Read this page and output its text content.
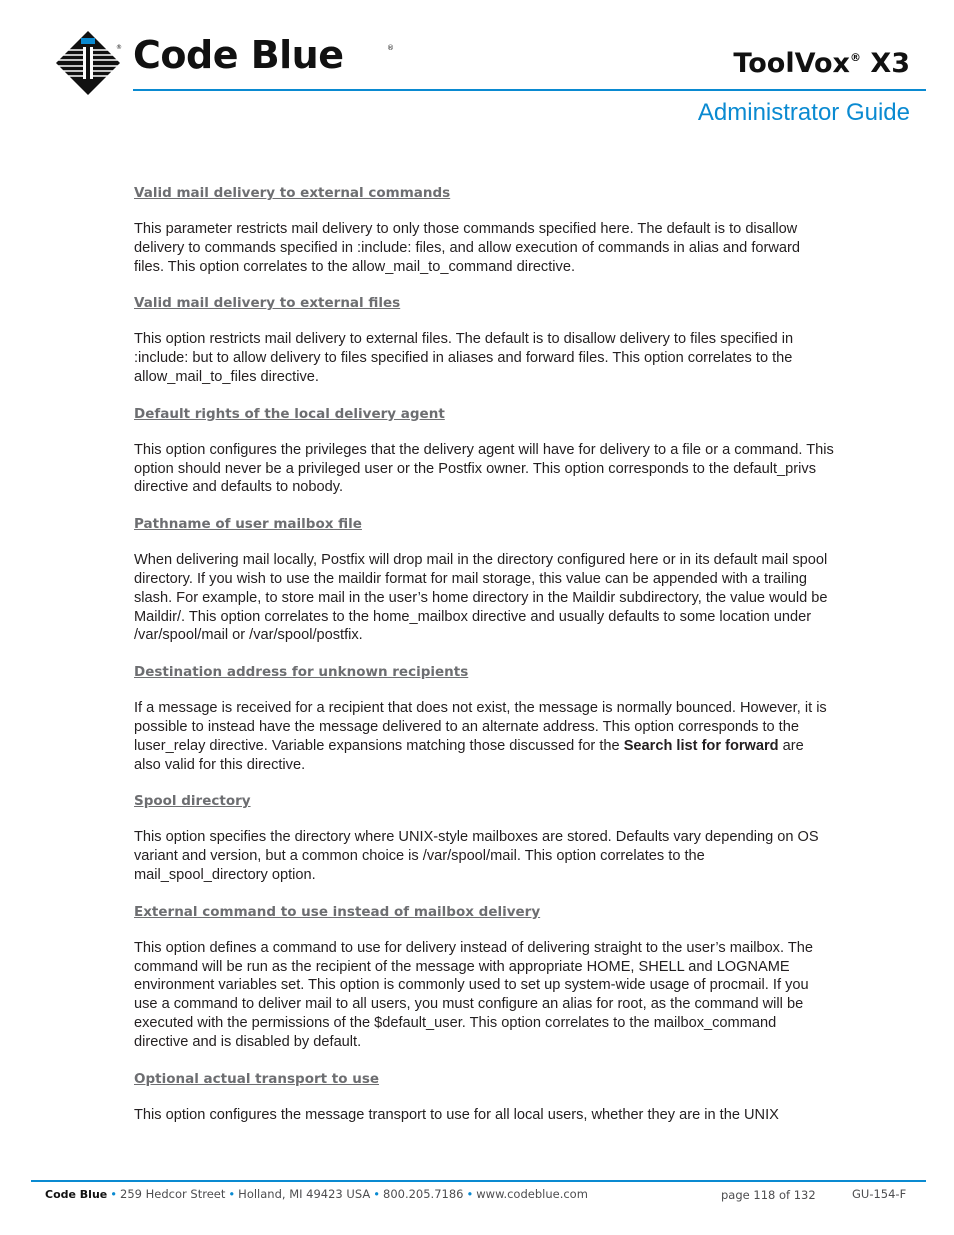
® Code Blue	®	ToolVox® X3
Administrator Guide
Valid mail delivery to external commands

This parameter restricts mail delivery to only those commands specified here. The default is to disallow delivery to commands specified in :include: files, and allow execution of commands in alias and forward files. This option correlates to the allow_mail_to_command directive.

Valid mail delivery to external files

This option restricts mail delivery to external files. The default is to disallow delivery to files specified in :include: but to allow delivery to files specified in aliases and forward files. This option correlates to the allow_mail_to_files directive.

Default rights of the local delivery agent

This option configures the privileges that the delivery agent will have for delivery to a file or a command. This option should never be a privileged user or the Postfix owner. This option corresponds to the default_privs directive and defaults to nobody.

Pathname of user mailbox file

When delivering mail locally, Postfix will drop mail in the directory configured here or in its default mail spool directory. If you wish to use the maildir format for mail storage, this value can be appended with a trailing slash. For example, to store mail in the user’s home directory in the Maildir subdirectory, the value would be Maildir/. This option correlates to the home_mailbox directive and usually defaults to some location under /var/spool/mail or /var/spool/postfix.

Destination address for unknown recipients

If a message is received for a recipient that does not exist, the message is normally bounced. However, it is possible to instead have the message delivered to an alternate address. This option corresponds to the luser_relay directive. Variable expansions matching those discussed for the Search list for forward are also valid for this directive.

Spool directory

This option specifies the directory where UNIX-style mailboxes are stored. Defaults vary depending on OS variant and version, but a common choice is /var/spool/mail. This option correlates to the mail_spool_directory option.

External command to use instead of mailbox delivery

This option defines a command to use for delivery instead of delivering straight to the user’s mailbox. The command will be run as the recipient of the message with appropriate HOME, SHELL and LOGNAME environment variables set. This option is commonly used to set up system-wide usage of procmail. If you use a command to deliver mail to all users, you must configure an alias for root, as the command will be executed with the permissions of the $default_user. This option correlates to the mailbox_command directive and is disabled by default.

Optional actual transport to use

This option configures the message transport to use for all local users, whether they are in the UNIX

Code Blue • 259 Hedcor Street • Holland, MI 49423 USA • 800.205.7186 • www.codeblue.com	page 118 of 132	GU-154-F
